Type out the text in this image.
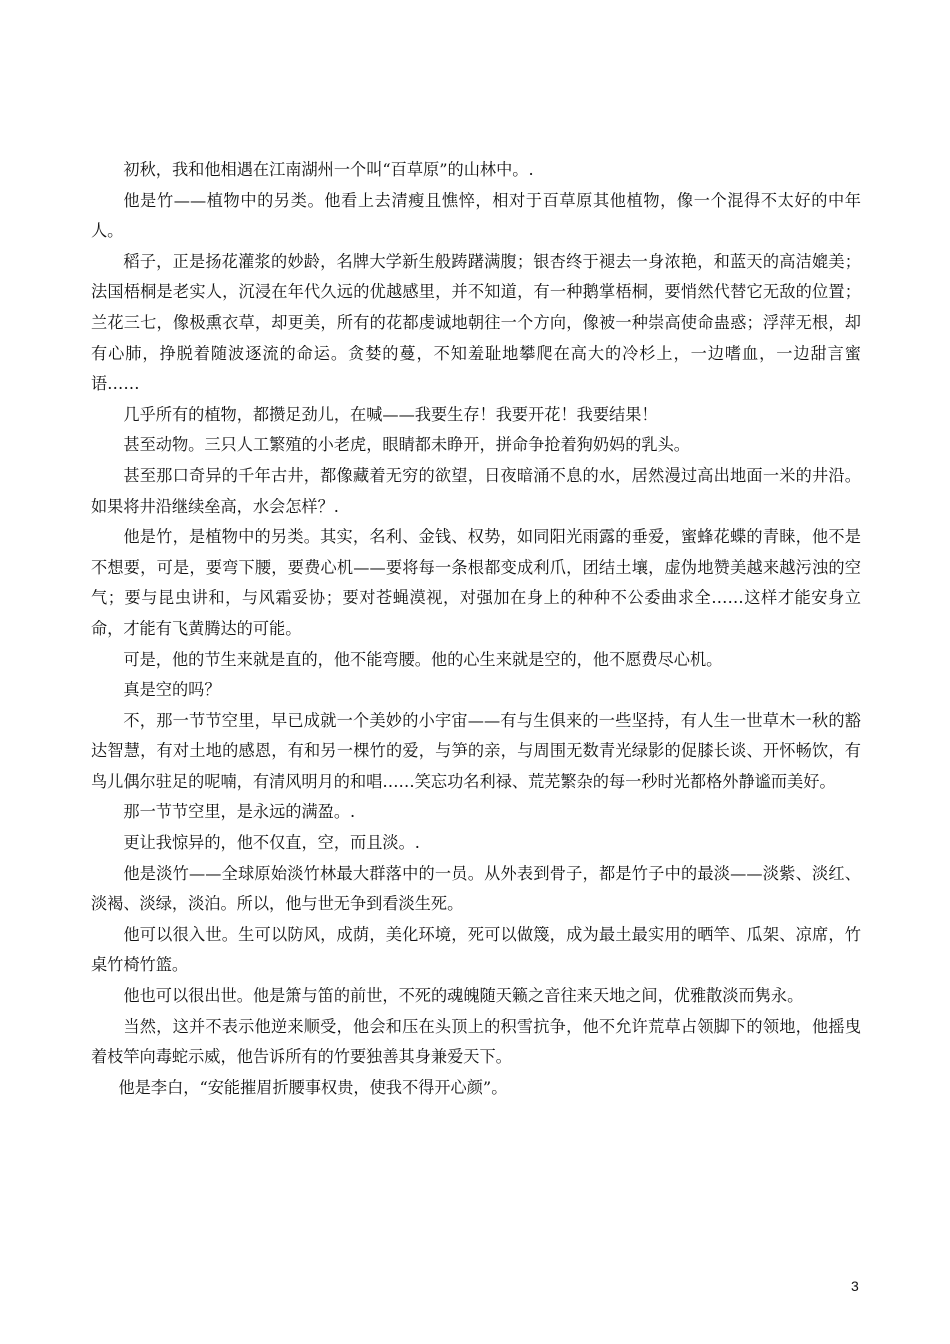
初秋，我和他相遇在江南湖州一个叫“百草原”的山林中。.

他是竹——植物中的另类。他看上去清瘦且憔悴，相对于百草原其他植物，像一个混得不太好的中年人。

稻子，正是扬花灌浆的妙龄，名牌大学新生般踌躇满腹；银杏终于褪去一身浓艳，和蓝天的高洁媲美；法国梧桐是老实人，沉浸在年代久远的优越感里，并不知道，有一种鹅掌梧桐，要悄然代替它无敌的位置；兰花三七，像极熏衣草，却更美，所有的花都虔诚地朝往一个方向，像被一种崇高使命蛊惑；浮萍无根，却有心肺，挣脱着随波逐流的命运。贪婪的蔓，不知羞耻地攀爬在高大的冷杉上，一边嗜血，一边甜言蜜语……

几乎所有的植物，都攒足劲儿，在喊——我要生存！我要开花！我要结果！

甚至动物。三只人工繁殖的小老虎，眼睛都未睁开，拼命争抢着狗奶妈的乳头。

甚至那口奇异的千年古井，都像藏着无穷的欲望，日夜暗涌不息的水，居然漫过高出地面一米的井沿。如果将井沿继续垒高，水会怎样？.

他是竹，是植物中的另类。其实，名利、金钱、权势，如同阳光雨露的垂爱，蜜蜂花蝶的青睐，他不是不想要，可是，要弯下腰，要费心机——要将每一条根都变成利爪，团结土壤，虚伪地赞美越来越污浊的空气；要与昆虫讲和，与风霜妥协；要对苍蝇漠视，对强加在身上的种种不公委曲求全……这样才能安身立命，才能有飞黄腾达的可能。

可是，他的节生来就是直的，他不能弯腰。他的心生来就是空的，他不愿费尽心机。

真是空的吗？

不，那一节节空里，早已成就一个美妙的小宇宙——有与生俱来的一些坚持，有人生一世草木一秋的豁达智慧，有对土地的感恩，有和另一棵竹的爱，与笋的亲，与周围无数青光绿影的促膝长谈、开怀畅饮，有鸟儿偶尔驻足的呢喃，有清风明月的和唱……笑忘功名利禄、荒芜繁杂的每一秒时光都格外静谧而美好。

那一节节空里，是永远的满盈。.

更让我惊异的，他不仅直，空，而且淡。.

他是淡竹——全球原始淡竹林最大群落中的一员。从外表到骨子，都是竹子中的最淡——淡紫、淡红、淡褐、淡绿，淡泊。所以，他与世无争到看淡生死。

他可以很入世。生可以防风，成荫，美化环境，死可以做篾，成为最土最实用的晒竿、瓜架、凉席，竹桌竹椅竹篮。

他也可以很出世。他是箫与笛的前世，不死的魂魄随天籁之音往来天地之间，优雅散淡而隽永。

当然，这并不表示他逆来顺受，他会和压在头顶上的积雪抗争，他不允许荒草占领脚下的领地，他摇曳着枝竿向毒蛇示威，他告诉所有的竹要独善其身兼爱天下。

他是李白，“安能摧眉折腰事权贵，使我不得开心颜”。

3
